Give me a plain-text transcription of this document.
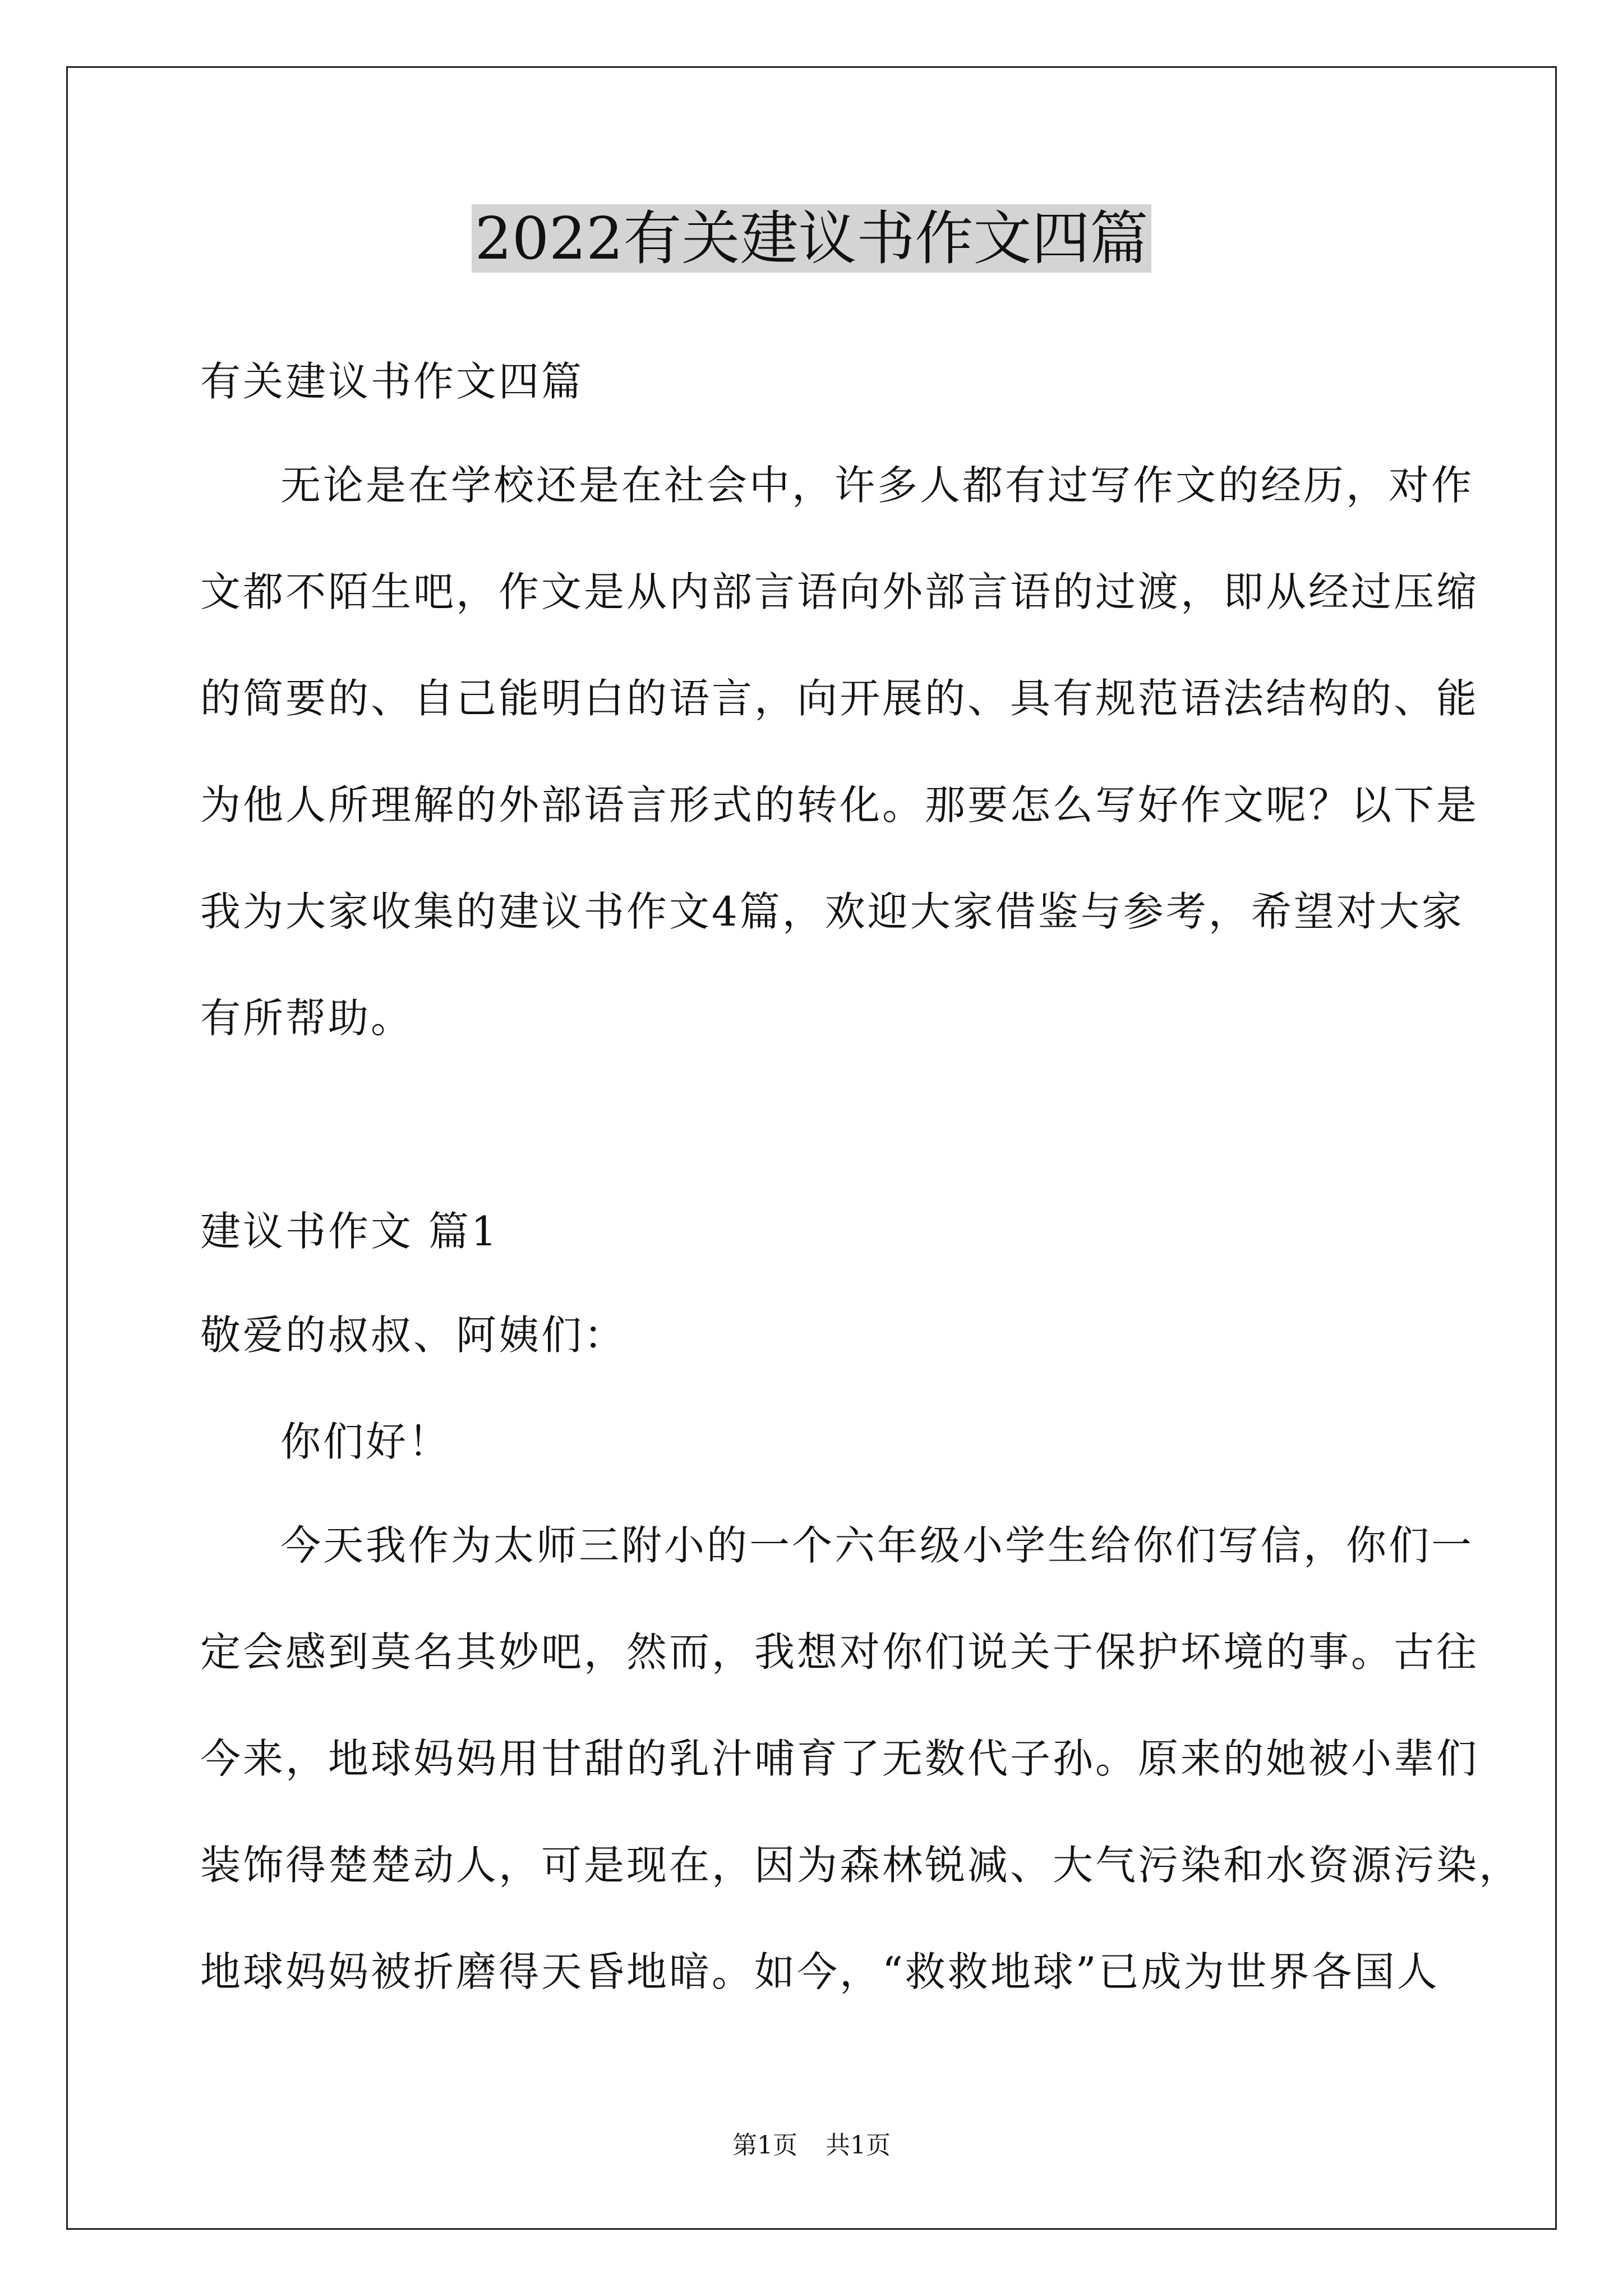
2022有关建议书作文四篇
有关建议书作文四篇
无论是在学校还是在社会中，许多人都有过写作文的经历，对作
文都不陌生吧，作文是从内部言语向外部言语的过渡，即从经过压缩
的简要的、自己能明白的语言，向开展的、具有规范语法结构的、能
为他人所理解的外部语言形式的转化。那要怎么写好作文呢？以下是
我为大家收集的建议书作文4篇，欢迎大家借鉴与参考，希望对大家
有所帮助。
建议书作文 篇1
敬爱的叔叔、阿姨们：
你们好！
今天我作为太师三附小的一个六年级小学生给你们写信，你们一
定会感到莫名其妙吧，然而，我想对你们说关于保护坏境的事。古往
今来，地球妈妈用甘甜的乳汁哺育了无数代子孙。原来的她被小辈们
装饰得楚楚动人，可是现在，因为森林锐减、大气污染和水资源污染，
地球妈妈被折磨得天昏地暗。如今，“救救地球”已成为世界各国人
第1页 共1页
